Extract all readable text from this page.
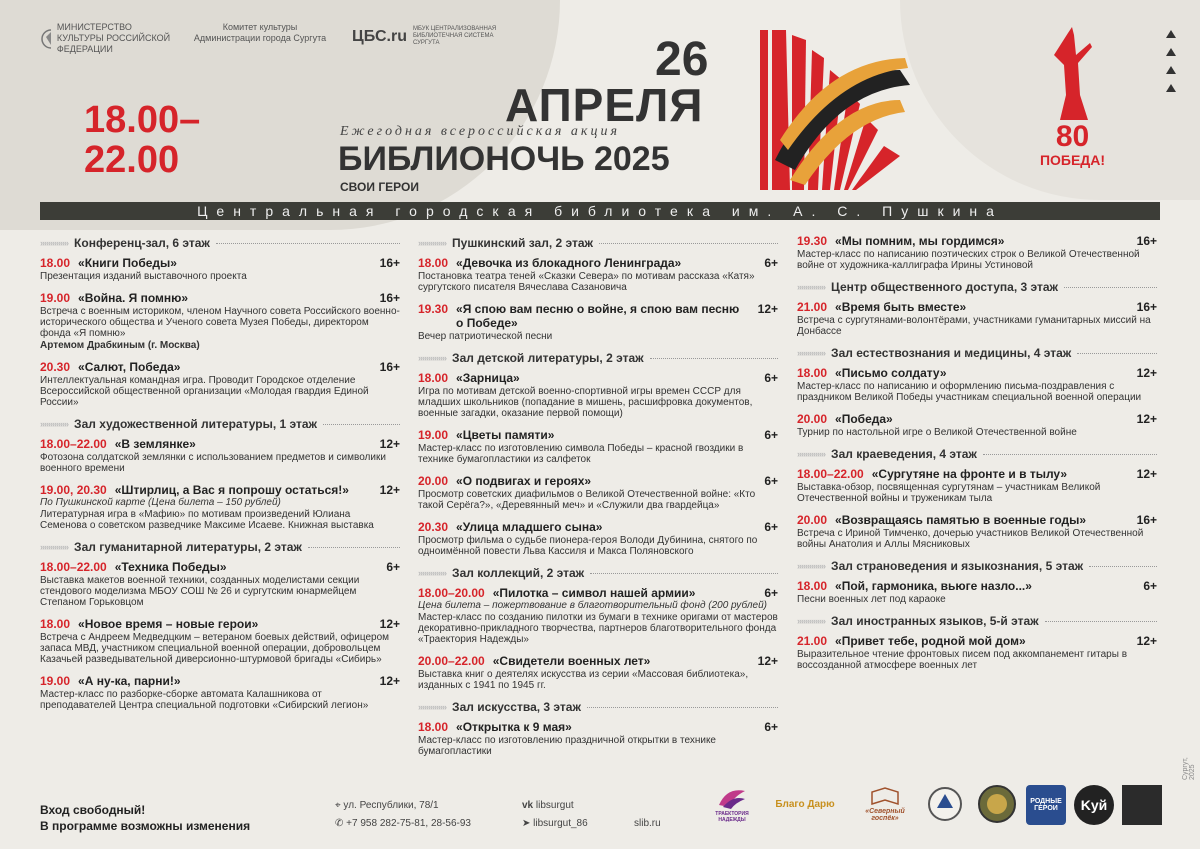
МИНИСТЕРСТВО КУЛЬТУРЫ РОССИЙСКОЙ ФЕДЕРАЦИИ
Комитет культуры Администрации города Сургута ЦБС.ru МБУК ЦЕНТРАЛИЗОВАННАЯ БИБЛИОТЕЧНАЯ СИСТЕМА СУРГУТА
18.00–22.00
26
АПРЕЛЯ
Ежегодная всероссийская акция
БИБЛИОНОЧЬ 2025
СВОИ ГЕРОИ
80
ПОБЕДА!
Центральная городская библиотека им. А. С. Пушкина
»»»»»»» Конференц-зал, 6 этаж
18.00 «Книги Победы»	16+
Презентация изданий выставочного проекта
19.00 «Война. Я помню»	16+
Встреча с военным историком, членом Научного совета Российского военно-исторического общества и Ученого совета Музея Победы, директором фонда «Я помню»
Артемом Драбкиным (г. Москва)
20.30 «Салют, Победа»	16+
Интеллектуальная командная игра. Проводит Городское отделение Всероссийской общественной организации «Молодая гвардия Единой России»
»»»»»»» Зал художественной литературы, 1 этаж
18.00–22.00 «В землянке»	12+
Фотозона солдатской землянки с использованием предметов и символики военного времени
19.00, 20.30 «Штирлиц, а Вас я попрошу остаться!»	12+
По Пушкинской карте (Цена билета – 150 рублей)
Литературная игра в «Мафию» по мотивам произведений Юлиана Семенова о советском разведчике Максиме Исаеве. Книжная выставка
»»»»»»» Зал гуманитарной литературы, 2 этаж
18.00–22.00 «Техника Победы»	6+
Выставка макетов военной техники, созданных моделистами секции стендового моделизма МБОУ СОШ № 26 и сургутским юнармейцем Степаном Горьковцом
18.00 «Новое время – новые герои»	12+
Встреча с Андреем Медведцким – ветераном боевых действий, офицером запаса МВД, участником специальной военной операции, добровольцем Казачьей разведывательной диверсионно-штурмовой бригады «Сибирь»
19.00 «А ну-ка, парни!»	12+
Мастер-класс по разборке-сборке автомата Калашникова от преподавателей Центра специальной подготовки «Сибирский легион»
»»»»»»» Пушкинский зал, 2 этаж
18.00 «Девочка из блокадного Ленинграда»	6+
Постановка театра теней «Сказки Севера» по мотивам рассказа «Катя» сургутского писателя Вячеслава Сазановича
19.30 «Я спою вам песню о войне, я спою вам песню о Победе»
12+
Вечер патриотической песни
»»»»»»» Зал детской литературы, 2 этаж
18.00 «Зарница»	6+
Игра по мотивам детской военно-спортивной игры времен СССР для младших школьников (попадание в мишень, расшифровка документов, военные загадки, оказание первой помощи)
19.00 «Цветы памяти»	6+
Мастер-класс по изготовлению символа Победы – красной гвоздики в технике бумагопластики из салфеток
20.00 «О подвигах и героях»	6+
Просмотр советских диафильмов о Великой Отечественной войне: «Кто такой Серёга?», «Деревянный меч» и «Служили два гвардейца»
20.30 «Улица младшего сына»	6+
Просмотр фильма о судьбе пионера-героя Володи Дубинина, снятого по одноимённой повести Льва Кассиля и Макса Поляновского
»»»»»»» Зал коллекций, 2 этаж
18.00–20.00 «Пилотка – символ нашей армии»	6+
Цена билета – пожертвование в благотворительный фонд (200 рублей)
Мастер-класс по созданию пилотки из бумаги в технике оригами от мастеров декоративно-прикладного творчества, партнеров благотворительного фонда «Траектория Надежды»
20.00–22.00 «Свидетели военных лет»	12+
Выставка книг о деятелях искусства из серии «Массовая библиотека», изданных с 1941 по 1945 гг.
»»»»»»» Зал искусства, 3 этаж
18.00 «Открытка к 9 мая»	6+
Мастер-класс по изготовлению праздничной открытки в технике бумагопластики
19.30 «Мы помним, мы гордимся»	16+
Мастер-класс по написанию поэтических строк о Великой Отечественной войне от художника-каллиграфа Ирины Устиновой
»»»»»»» Центр общественного доступа, 3 этаж
21.00 «Время быть вместе»	16+
Встреча с сургутянами-волонтёрами, участниками гуманитарных миссий на Донбассе
»»»»»»» Зал естествознания и медицины, 4 этаж
18.00 «Письмо солдату»	12+
Мастер-класс по написанию и оформлению письма-поздравления с праздником Великой Победы участникам специальной военной операции
20.00 «Победа»	12+
Турнир по настольной игре о Великой Отечественной войне
»»»»»»» Зал краеведения, 4 этаж
18.00–22.00 «Сургутяне на фронте и в тылу»	12+
Выставка-обзор, посвященная сургутянам – участникам Великой Отечественной войны и труженикам тыла
20.00 «Возвращаясь памятью в военные годы»	16+
Встреча с Ириной Тимченко, дочерью участников Великой Отечественной войны Анатолия и Аллы Мясниковых
»»»»»»» Зал страноведения и языкознания, 5 этаж
18.00 «Пой, гармоника, вьюге назло...»	6+
Песни военных лет под караоке
»»»»»»» Зал иностранных языков, 5-й этаж
21.00 «Привет тебе, родной мой дом»	12+
Выразительное чтение фронтовых писем под аккомпанемент гитары в воссозданной атмосфере военных лет
Вход свободный!
В программе возможны изменения
⌖ ул. Республики, 78/1
✆ +7 958 282-75-81, 28-56-93
vk libsurgut
➤ libsurgut_86	slib.ru
ТРАЕКТОРИЯ НАДЕЖДЫ
Благо Дарю
«Северный госпёк»
РОДНЫЕ ГЕРОИ	Kуй
Сургут, 2025
